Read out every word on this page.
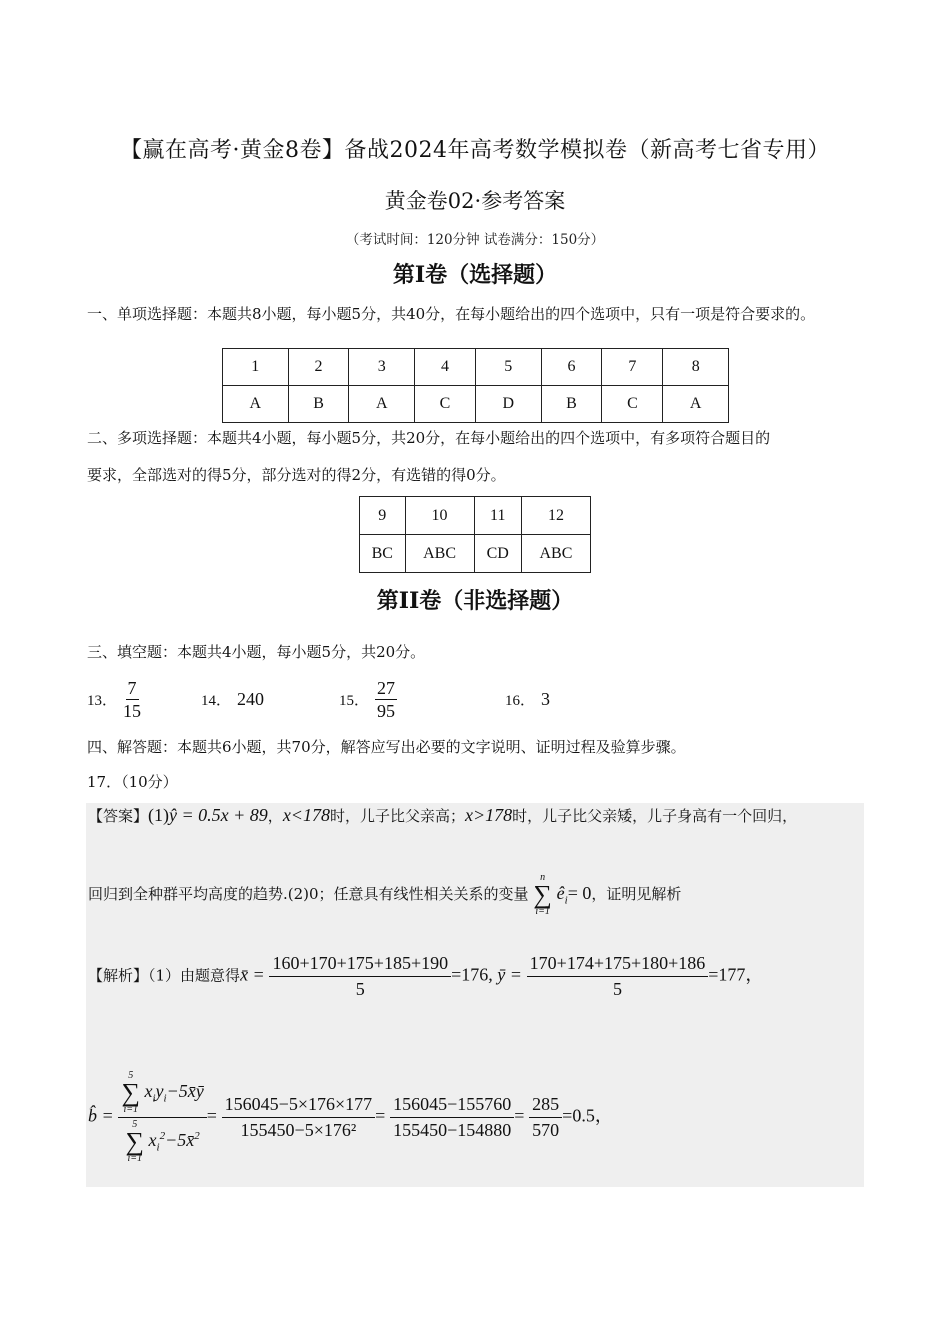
【赢在高考·黄金8卷】备战2024年高考数学模拟卷（新高考七省专用）
黄金卷02·参考答案
（考试时间：120分钟 试卷满分：150分）
第I卷（选择题）
一、单项选择题：本题共8小题，每小题5分，共40分，在每小题给出的四个选项中，只有一项是符合要求的。
1	2	3	4	5	6	7	8
A	B	A	C	D	B	C	A
二、多项选择题：本题共4小题，每小题5分，共20分，在每小题给出的四个选项中，有多项符合题目的
要求，全部选对的得5分，部分选对的得2分，有选错的得0分。
9	10	11	12
BC	ABC	CD	ABC
第II卷（非选择题）
三、填空题：本题共4小题，每小题5分，共20分。
13． $\frac{7}{15}$	14． 240	15． $\frac{27}{95}$	16． 3
四、解答题：本题共6小题，共70分，解答应写出必要的文字说明、证明过程及验算步骤。
17．（10分）
【答案】(1)ŷ = 0.5x + 89，x<178时，儿子比父亲高；x>178时，儿子比父亲矮，儿子身高有一个回归，
回归到全种群平均高度的趋势.(2)0；任意具有线性相关关系的变量
n
∑
i=1
$ê_i= 0$，证明见解析
【解析】（1）由题意得x̄ = $\frac{160+170+175+185+190}{5} =176$, ȳ = $\frac{170+174+175+180+186}{5} =177$，
b̂ = 5
∑
i=1
$x_iy_i-5x̄ȳ$
5
∑
i=1
$x_i^2-5x̄^2 = \frac{156045-5\times 176\times 177}{\text{155450−5×176²}} = \frac{156045-155760}{155450-154880} = \frac{285}{570} =0.5$，
